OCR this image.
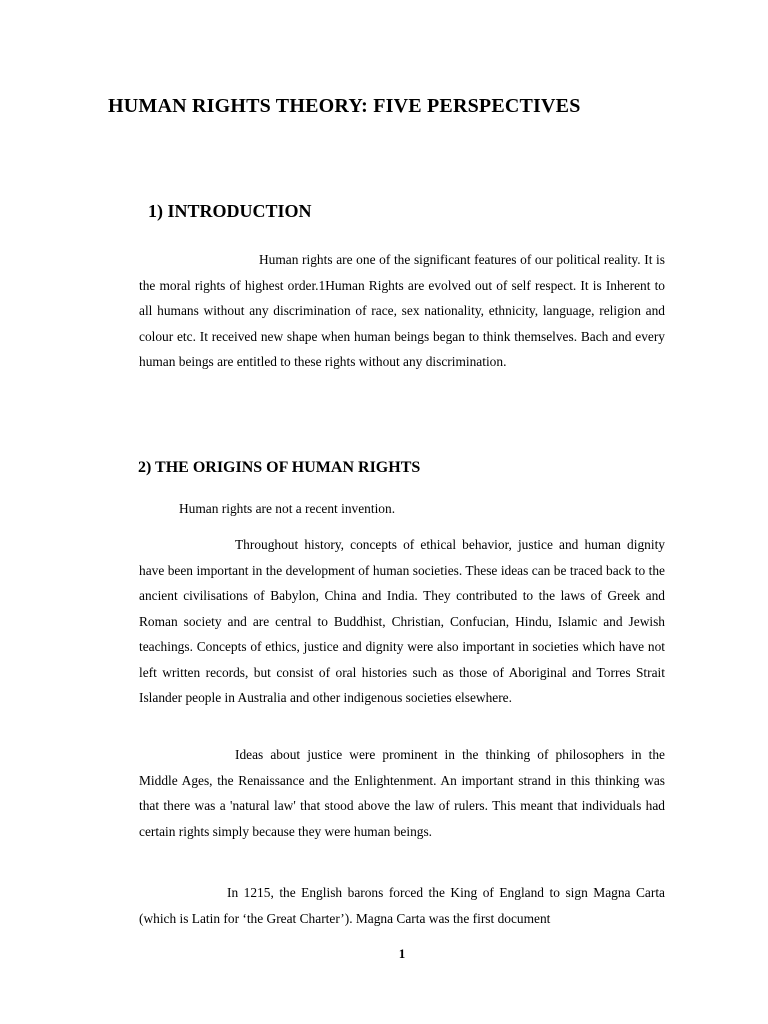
HUMAN RIGHTS THEORY: FIVE PERSPECTIVES
1) INTRODUCTION

Human rights are one of the significant features of our political reality. It is the moral rights of highest order.1Human Rights are evolved out of self respect. It is Inherent to all humans without any discrimination of race, sex nationality, ethnicity, language, religion and colour etc. It received new shape when human beings began to think themselves. Bach and every human beings are entitled to these rights without any discrimination.

2) THE ORIGINS OF HUMAN RIGHTS

Human rights are not a recent invention.

Throughout history, concepts of ethical behavior, justice and human dignity have been important in the development of human societies. These ideas can be traced back to the ancient civilisations of Babylon, China and India. They contributed to the laws of Greek and Roman society and are central to Buddhist, Christian, Confucian, Hindu, Islamic and Jewish teachings. Concepts of ethics, justice and dignity were also important in societies which have not left written records, but consist of oral histories such as those of Aboriginal and Torres Strait Islander people in Australia and other indigenous societies elsewhere.

Ideas about justice were prominent in the thinking of philosophers in the Middle Ages, the Renaissance and the Enlightenment. An important strand in this thinking was that there was a 'natural law' that stood above the law of rulers. This meant that individuals had certain rights simply because they were human beings.

In 1215, the English barons forced the King of England to sign Magna Carta (which is Latin for ‘the Great Charter’). Magna Carta was the first document

1
